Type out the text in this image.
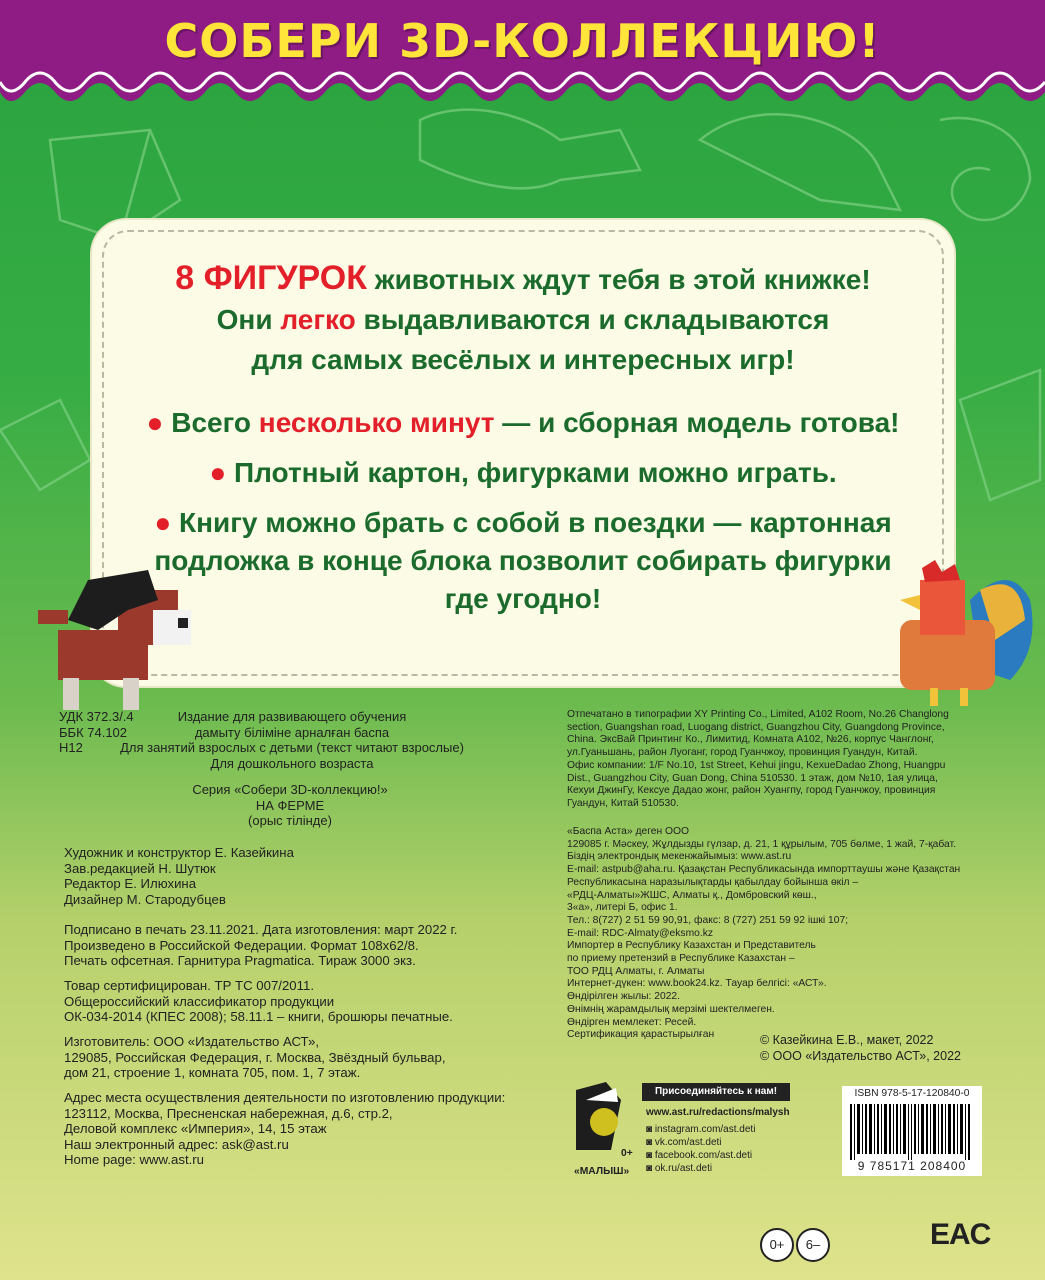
СОБЕРИ 3D-КОЛЛЕКЦИЮ!
8 ФИГУРОК животных ждут тебя в этой книжке!
Они легко выдавливаются и складываются
для самых весёлых и интересных игр!
● Всего несколько минут — и сборная модель готова!
● Плотный картон, фигурками можно играть.
● Книгу можно брать с собой в поездки — картонная
подложка в конце блока позволит собирать фигурки
где угодно!
УДК 372.3/.4
ББК 74.102
Н12
Издание для развивающего обучения
дамыту біліміне арналған баспа
Для занятий взрослых с детьми (текст читают взрослые)
Для дошкольного возраста
Серия «Собери 3D-коллекцию!»
НА ФЕРМЕ
(орыс тілінде)
Художник и конструктор Е. Казейкина
Зав.редакцией Н. Шутюк
Редактор Е. Илюхина
Дизайнер М. Стародубцев
Подписано в печать 23.11.2021. Дата изготовления: март 2022 г.
Произведено в Российской Федерации. Формат 108х62/8.
Печать офсетная. Гарнитура Pragmatica. Тираж 3000 экз.
Товар сертифицирован. ТР ТС 007/2011.
Общероссийский классификатор продукции
ОК-034-2014 (КПЕС 2008); 58.11.1 – книги, брошюры печатные.
Изготовитель: ООО «Издательство АСТ»,
129085, Российская Федерация, г. Москва, Звёздный бульвар,
дом 21, строение 1, комната 705, пом. 1, 7 этаж.
Адрес места осуществления деятельности по изготовлению продукции:
123112, Москва, Пресненская набережная, д.6, стр.2,
Деловой комплекс «Империя», 14, 15 этаж
Наш электронный адрес: ask@ast.ru
Home page: www.ast.ru
Отпечатано в типографии XY Printing Co., Limited, A102 Room, No.26 Changlong
section, Guangshan road, Luogang district, Guangzhou City, Guangdong Province,
China. ЭксВай Принтинг Ко., Лимитид, Комната A102, №26, корпус Чанглонг,
ул.Гуаньшань, район Луоганг, город Гуанчжоу, провинция Гуандун, Китай.
Офис компании: 1/F No.10, 1st Street, Kehui jingu, KexueDadao Zhong, Huangpu
Dist., Guangzhou City, Guan Dong, China 510530. 1 этаж, дом №10, 1ая улица,
Кехуи ДжинГу, Кексуе Дадао жонг, район Хуангпу, город Гуанчжоу, провинция
Гуандун, Китай 510530.
«Баспа Аста» деген ООО
129085 г. Мәскеу, Жұлдызды гүлзар, д. 21, 1 құрылым, 705 бөлме, 1 жай, 7-қабат.
Біздің электрондық мекенжайымыз: www.ast.ru
E-mail: astpub@aha.ru. Қазақстан Республикасында импорттаушы және Қазақстан
Республикасына наразылықтарды қабылдау бойынша өкіл –
«РДЦ-Алматы»ЖШС, Алматы қ., Домбровский көш.,
3«а», литері Б, офис 1.
Тел.: 8(727) 2 51 59 90,91, факс: 8 (727) 251 59 92 ішкі 107;
E-mail: RDC-Almaty@eksmo.kz
Импортер в Республику Казахстан и Представитель
по приему претензий в Республике Казахстан –
ТОО РДЦ Алматы, г. Алматы
Интернет-дүкен: www.book24.kz. Тауар белгісі: «АСТ».
Өндірілген жылы: 2022.
Өнімнің жарамдылық мерзімі шектелмеген.
Өндірген мемлекет: Ресей.
Сертификация қарастырылған	© Казейкина Е.В., макет, 2022
© ООО «Издательство АСТ», 2022
«МАЛЫШ»
0+
Присоединяйтесь к нам!
www.ast.ru/redactions/malysh
◙ instagram.com/ast.deti
◙ vk.com/ast.deti
◙ facebook.com/ast.deti
◙ ok.ru/ast.deti
ISBN 978-5-17-120840-0
9 785171 208400
0+	6–	EAC
